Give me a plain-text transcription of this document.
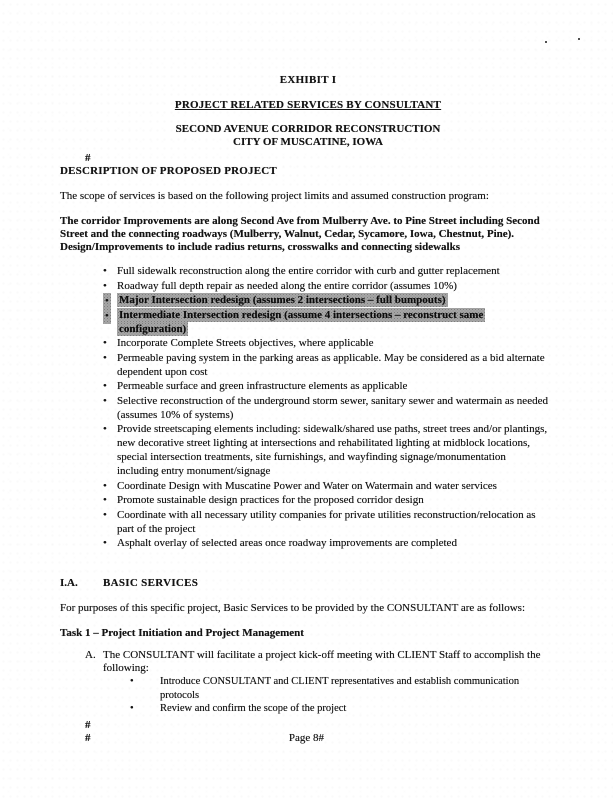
EXHIBIT I
PROJECT RELATED SERVICES BY CONSULTANT
SECOND AVENUE CORRIDOR RECONSTRUCTION
CITY OF MUSCATINE, IOWA
#
DESCRIPTION OF PROPOSED PROJECT
The scope of services is based on the following project limits and assumed construction program:
The corridor Improvements are along Second Ave from Mulberry Ave. to Pine Street including Second Street and the connecting roadways (Mulberry, Walnut, Cedar, Sycamore, Iowa, Chestnut, Pine). Design/Improvements to include radius returns, crosswalks and connecting sidewalks
• Full sidewalk reconstruction along the entire corridor with curb and gutter replacement
• Roadway full depth repair as needed along the entire corridor (assumes 10%)
• Major Intersection redesign (assumes 2 intersections – full bumpouts)
• Intermediate Intersection redesign (assume 4 intersections – reconstruct same configuration)
• Incorporate Complete Streets objectives, where applicable
• Permeable paving system in the parking areas as applicable. May be considered as a bid alternate dependent upon cost
• Permeable surface and green infrastructure elements as applicable
• Selective reconstruction of the underground storm sewer, sanitary sewer and watermain as needed (assumes 10% of systems)
• Provide streetscaping elements including: sidewalk/shared use paths, street trees and/or plantings, new decorative street lighting at intersections and rehabilitated lighting at midblock locations, special intersection treatments, site furnishings, and wayfinding signage/monumentation including entry monument/signage
• Coordinate Design with Muscatine Power and Water on Watermain and water services
• Promote sustainable design practices for the proposed corridor design
• Coordinate with all necessary utility companies for private utilities reconstruction/relocation as part of the project
• Asphalt overlay of selected areas once roadway improvements are completed
I.A. BASIC SERVICES
For purposes of this specific project, Basic Services to be provided by the CONSULTANT are as follows:
Task 1 – Project Initiation and Project Management
A. The CONSULTANT will facilitate a project kick-off meeting with CLIENT Staff to accomplish the following:
• Introduce CONSULTANT and CLIENT representatives and establish communication protocols
• Review and confirm the scope of the project
#
#	Page 8#
